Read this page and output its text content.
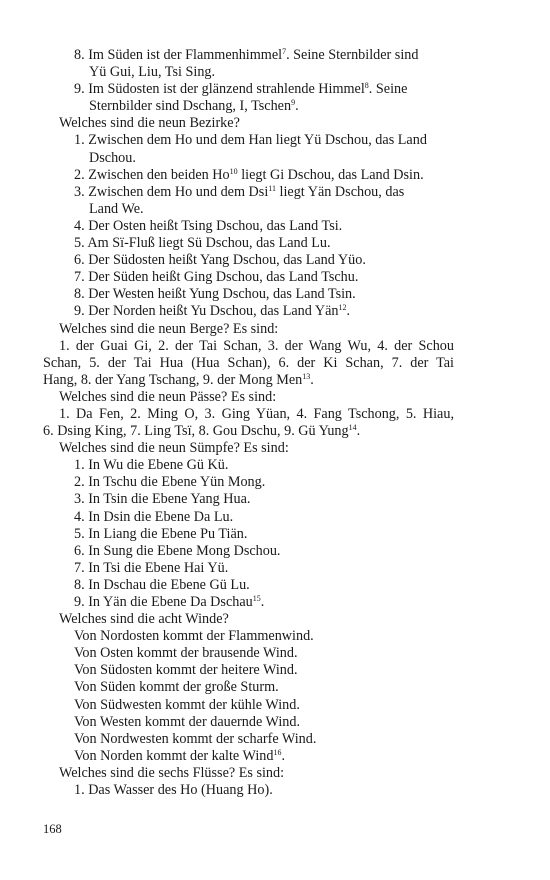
8. Im Süden ist der Flammenhimmel$^7$. Seine Sternbilder sind
Yü Gui, Liu, Tsi Sing.
9. Im Südosten ist der glänzend strahlende Himmel$^8$. Seine
Sternbilder sind Dschang, I, Tschen$^9$.
Welches sind die neun Bezirke?
1. Zwischen dem Ho und dem Han liegt Yü Dschou, das Land
Dschou.
2. Zwischen den beiden Ho$^{10}$ liegt Gi Dschou, das Land Dsin.
3. Zwischen dem Ho und dem Dsi$^{11}$ liegt Yän Dschou, das
Land We.
4. Der Osten heißt Tsing Dschou, das Land Tsi.
5. Am Sï-Fluß liegt Sü Dschou, das Land Lu.
6. Der Südosten heißt Yang Dschou, das Land Yüo.
7. Der Süden heißt Ging Dschou, das Land Tschu.
8. Der Westen heißt Yung Dschou, das Land Tsin.
9. Der Norden heißt Yu Dschou, das Land Yän$^{12}$.
Welches sind die neun Berge? Es sind:
1. der Guai Gi, 2. der Tai Schan, 3. der Wang Wu, 4. der Schou
Schan, 5. der Tai Hua (Hua Schan), 6. der Ki Schan, 7. der Tai
Hang, 8. der Yang Tschang, 9. der Mong Men$^{13}$.
Welches sind die neun Pässe? Es sind:
1. Da Fen, 2. Ming O, 3. Ging Yüan, 4. Fang Tschong, 5. Hiau,
6. Dsing King, 7. Ling Tsï, 8. Gou Dschu, 9. Gü Yung$^{14}$.
Welches sind die neun Sümpfe? Es sind:
1. In Wu die Ebene Gü Kü.
2. In Tschu die Ebene Yün Mong.
3. In Tsin die Ebene Yang Hua.
4. In Dsin die Ebene Da Lu.
5. In Liang die Ebene Pu Tiän.
6. In Sung die Ebene Mong Dschou.
7. In Tsi die Ebene Hai Yü.
8. In Dschau die Ebene Gü Lu.
9. In Yän die Ebene Da Dschau$^{15}$.
Welches sind die acht Winde?
Von Nordosten kommt der Flammenwind.
Von Osten kommt der brausende Wind.
Von Südosten kommt der heitere Wind.
Von Süden kommt der große Sturm.
Von Südwesten kommt der kühle Wind.
Von Westen kommt der dauernde Wind.
Von Nordwesten kommt der scharfe Wind.
Von Norden kommt der kalte Wind$^{16}$.
Welches sind die sechs Flüsse? Es sind:
1. Das Wasser des Ho (Huang Ho).
168
